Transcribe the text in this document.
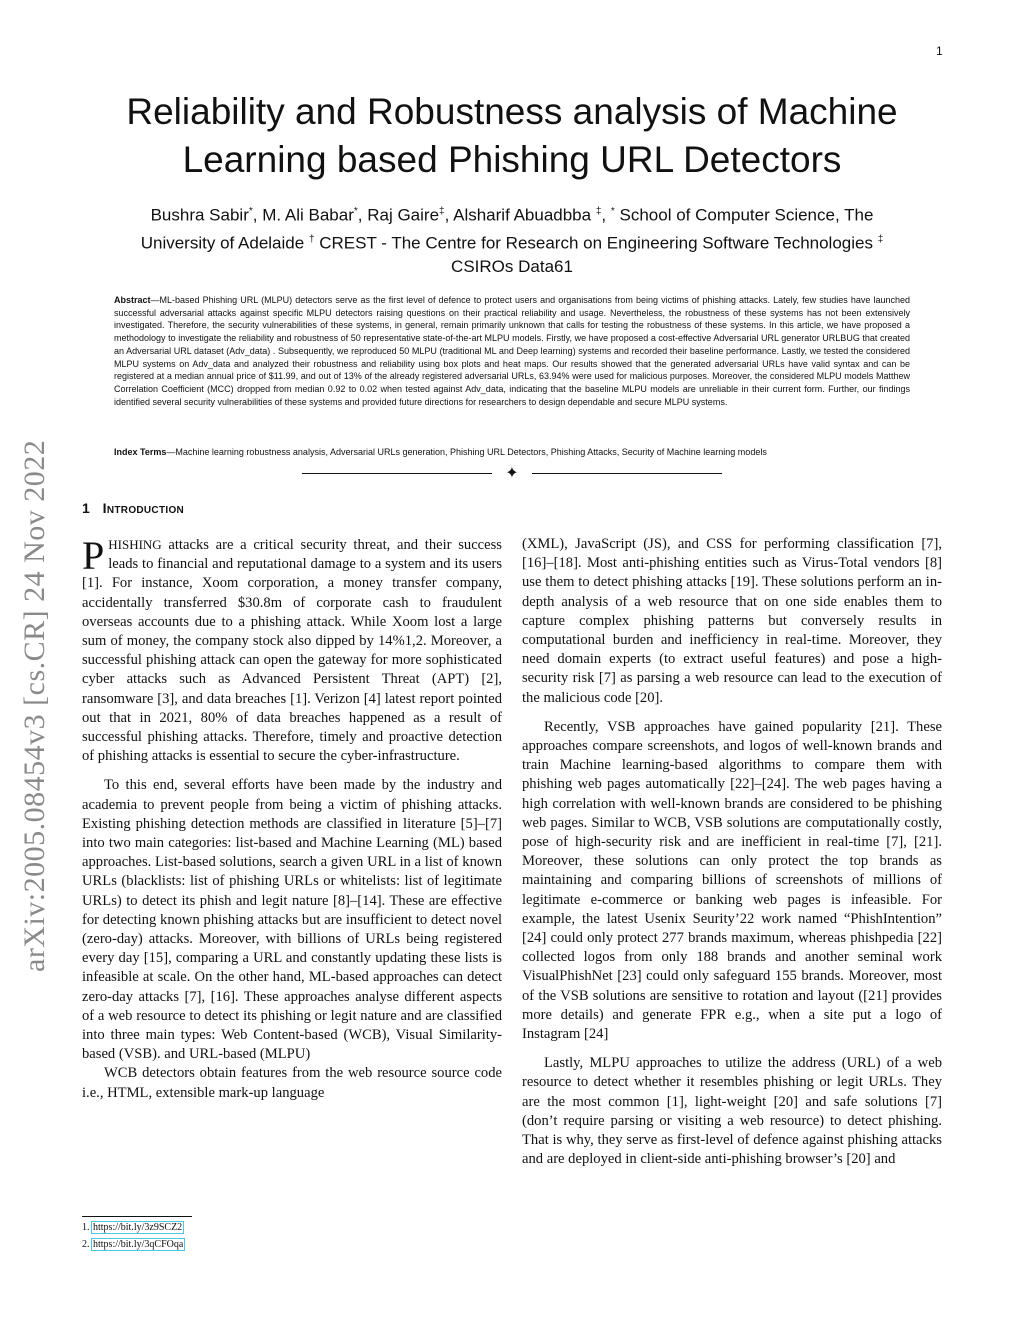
1
arXiv:2005.08454v3 [cs.CR] 24 Nov 2022
Reliability and Robustness analysis of Machine
Learning based Phishing URL Detectors
Bushra Sabir*, M. Ali Babar*, Raj Gaire‡, Alsharif Abuadbba ‡, * School of Computer Science, The
University of Adelaide † CREST - The Centre for Research on Engineering Software Technologies ‡
CSIROs Data61
Abstract—ML-based Phishing URL (MLPU) detectors serve as the first level of defence to protect users and organisations from being victims of phishing attacks. Lately, few studies have launched successful adversarial attacks against specific MLPU detectors raising questions on their practical reliability and usage. Nevertheless, the robustness of these systems has not been extensively investigated. Therefore, the security vulnerabilities of these systems, in general, remain primarily unknown that calls for testing the robustness of these systems. In this article, we have proposed a methodology to investigate the reliability and robustness of 50 representative state-of-the-art MLPU models. Firstly, we have proposed a cost-effective Adversarial URL generator URLBUG that created an Adversarial URL dataset (Adv_data) . Subsequently, we reproduced 50 MLPU (traditional ML and Deep learning) systems and recorded their baseline performance. Lastly, we tested the considered MLPU systems on Adv_data and analyzed their robustness and reliability using box plots and heat maps. Our results showed that the generated adversarial URLs have valid syntax and can be registered at a median annual price of $11.99, and out of 13% of the already registered adversarial URLs, 63.94% were used for malicious purposes. Moreover, the considered MLPU models Matthew Correlation Coefficient (MCC) dropped from median 0.92 to 0.02 when tested against Adv_data, indicating that the baseline MLPU models are unreliable in their current form. Further, our findings identified several security vulnerabilities of these systems and provided future directions for researchers to design dependable and secure MLPU systems.
Index Terms—Machine learning robustness analysis, Adversarial URLs generation, Phishing URL Detectors, Phishing Attacks, Security of Machine learning models
✦
1 Introduction

PHISHING attacks are a critical security threat, and their success leads to financial and reputational damage to a system and its users [1]. For instance, Xoom corporation, a money transfer company, accidentally transferred $30.8m of corporate cash to fraudulent overseas accounts due to a phishing attack. While Xoom lost a large sum of money, the company stock also dipped by 14%1,2. Moreover, a successful phishing attack can open the gateway for more sophisticated cyber attacks such as Advanced Persistent Threat (APT) [2], ransomware [3], and data breaches [1]. Verizon [4] latest report pointed out that in 2021, 80% of data breaches happened as a result of successful phishing attacks. Therefore, timely and proactive detection of phishing attacks is essential to secure the cyber-infrastructure.

To this end, several efforts have been made by the industry and academia to prevent people from being a victim of phishing attacks. Existing phishing detection methods are classified in literature [5]–[7] into two main categories: list-based and Machine Learning (ML) based approaches. List-based solutions, search a given URL in a list of known URLs (blacklists: list of phishing URLs or whitelists: list of legitimate URLs) to detect its phish and legit nature [8]–[14]. These are effective for detecting known phishing attacks but are insufficient to detect novel (zero-day) attacks. Moreover, with billions of URLs being registered every day [15], comparing a URL and constantly updating these lists is infeasible at scale. On the other hand, ML-based approaches can detect zero-day attacks [7], [16]. These approaches analyse different aspects of a web resource to detect its phishing or legit nature and are classified into three main types: Web Content-based (WCB), Visual Similarity-based (VSB). and URL-based (MLPU)

WCB detectors obtain features from the web resource source code i.e., HTML, extensible mark-up language

(XML), JavaScript (JS), and CSS for performing classification [7], [16]–[18]. Most anti-phishing entities such as Virus-Total vendors [8] use them to detect phishing attacks [19]. These solutions perform an in-depth analysis of a web resource that on one side enables them to capture complex phishing patterns but conversely results in computational burden and inefficiency in real-time. Moreover, they need domain experts (to extract useful features) and pose a high-security risk [7] as parsing a web resource can lead to the execution of the malicious code [20].

Recently, VSB approaches have gained popularity [21]. These approaches compare screenshots, and logos of well-known brands and train Machine learning-based algorithms to compare them with phishing web pages automatically [22]–[24]. The web pages having a high correlation with well-known brands are considered to be phishing web pages. Similar to WCB, VSB solutions are computationally costly, pose of high-security risk and are inefficient in real-time [7], [21]. Moreover, these solutions can only protect the top brands as maintaining and comparing billions of screenshots of millions of legitimate e-commerce or banking web pages is infeasible. For example, the latest Usenix Seurity’22 work named “PhishIntention” [24] could only protect 277 brands maximum, whereas phishpedia [22] collected logos from only 188 brands and another seminal work VisualPhishNet [23] could only safeguard 155 brands. Moreover, most of the VSB solutions are sensitive to rotation and layout ([21] provides more details) and generate FPR e.g., when a site put a logo of Instagram [24]

Lastly, MLPU approaches to utilize the address (URL) of a web resource to detect whether it resembles phishing or legit URLs. They are the most common [1], light-weight [20] and safe solutions [7] (don’t require parsing or visiting a web resource) to detect phishing. That is why, they serve as first-level of defence against phishing attacks and are deployed in client-side anti-phishing browser’s [20] and

1. https://bit.ly/3z9SCZ2
2. https://bit.ly/3qCFOqa
